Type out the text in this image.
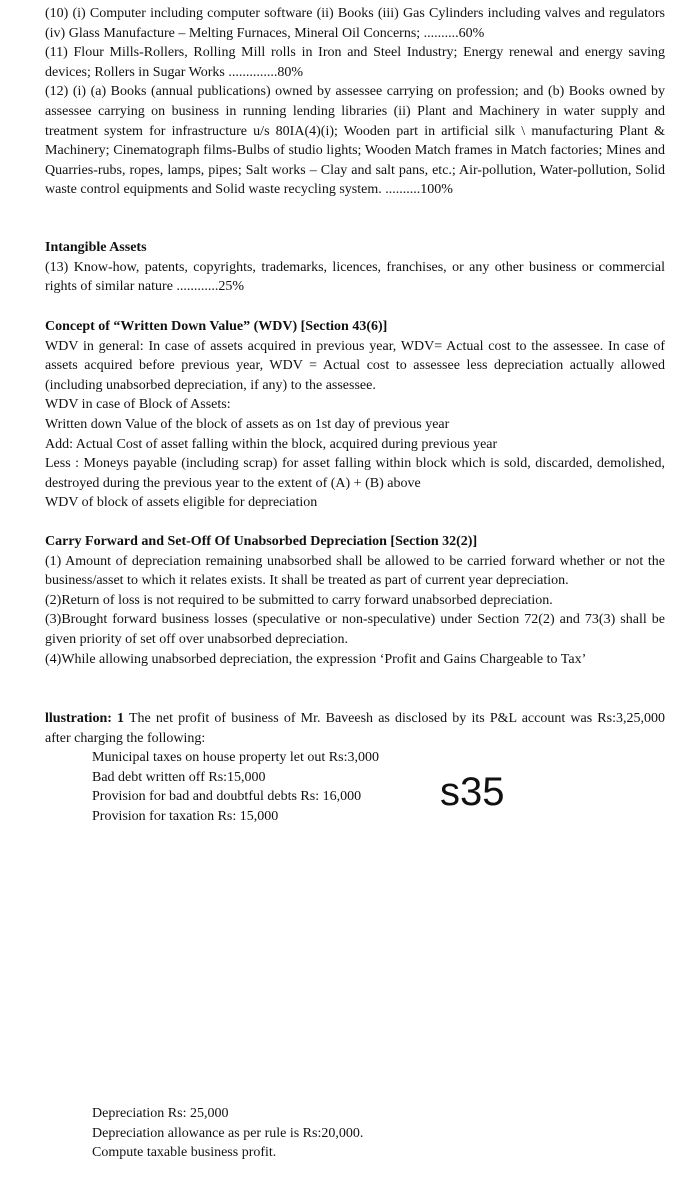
(10) (i) Computer including computer software (ii) Books (iii) Gas Cylinders including valves and regulators (iv) Glass Manufacture – Melting Furnaces, Mineral Oil Concerns; ..........60%

(11) Flour Mills-Rollers, Rolling Mill rolls in Iron and Steel Industry; Energy renewal and energy saving devices; Rollers in Sugar Works ..............80%

(12) (i) (a) Books (annual publications) owned by assessee carrying on profession; and (b) Books owned by assessee carrying on business in running lending libraries (ii) Plant and Machinery in water supply and treatment system for infrastructure u/s 80IA(4)(i); Wooden part in artificial silk \ manufacturing Plant & Machinery; Cinematograph films-Bulbs of studio lights; Wooden Match frames in Match factories; Mines and Quarries-rubs, ropes, lamps, pipes; Salt works – Clay and salt pans, etc.; Air-pollution, Water-pollution, Solid waste control equipments and Solid waste recycling system. ..........100%

Intangible Assets

(13) Know-how, patents, copyrights, trademarks, licences, franchises, or any other business or commercial rights of similar nature ............25%

Concept of “Written Down Value” (WDV) [Section 43(6)]

WDV in general: In case of assets acquired in previous year, WDV= Actual cost to the assessee. In case of assets acquired before previous year, WDV = Actual cost to assessee less depreciation actually allowed (including unabsorbed depreciation, if any) to the assessee.

WDV in case of Block of Assets:

Written down Value of the block of assets as on 1st day of previous year

Add: Actual Cost of asset falling within the block, acquired during previous year

Less : Moneys payable (including scrap) for asset falling within block which is sold, discarded, demolished, destroyed during the previous year to the extent of (A) + (B) above

WDV of block of assets eligible for depreciation

Carry Forward and Set-Off Of Unabsorbed Depreciation [Section 32(2)]

(1) Amount of depreciation remaining unabsorbed shall be allowed to be carried forward whether or not the business/asset to which it relates exists. It shall be treated as part of current year depreciation.

(2)Return of loss is not required to be submitted to carry forward unabsorbed depreciation.

(3)Brought forward business losses (speculative or non-speculative) under Section 72(2) and 73(3) shall be given priority of set off over unabsorbed depreciation.

(4)While allowing unabsorbed depreciation, the expression ‘Profit and Gains Chargeable to Tax’

llustration: 1 The net profit of business of Mr. Baveesh as disclosed by its P&L account was Rs:3,25,000 after charging the following:

Municipal taxes on house property let out Rs:3,000

Bad debt written off Rs:15,000

Provision for bad and doubtful debts Rs: 16,000

Provision for taxation Rs: 15,000

s35

Depreciation Rs: 25,000

Depreciation allowance as per rule is Rs:20,000.

Compute taxable business profit.
